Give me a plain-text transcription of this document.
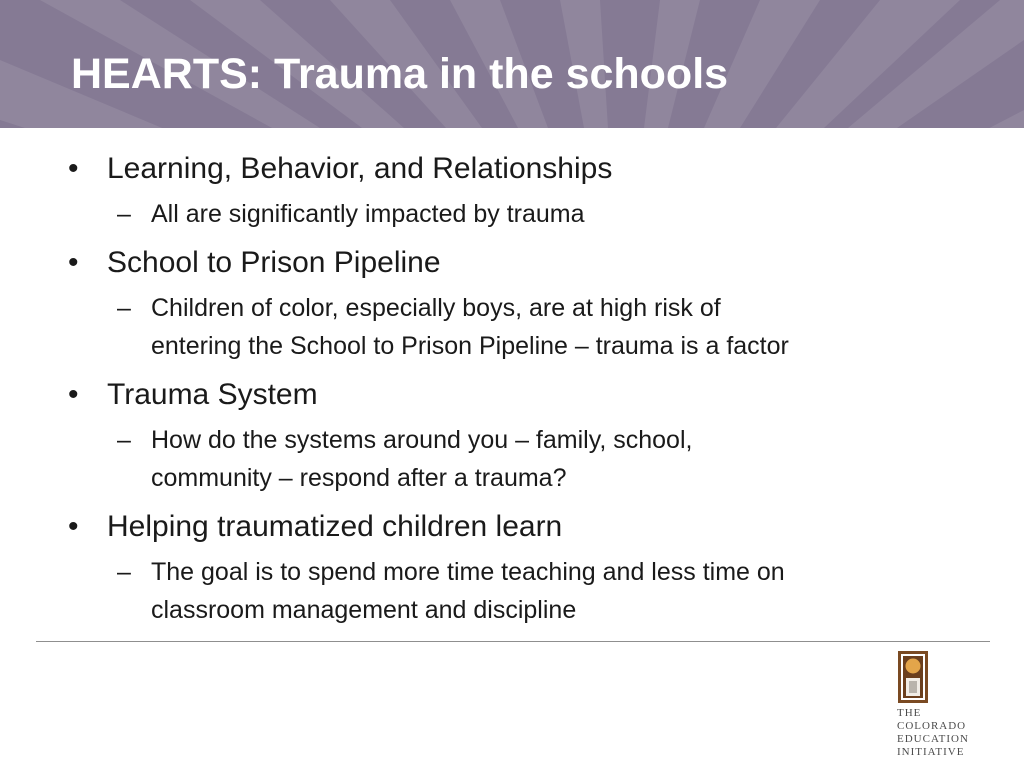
HEARTS: Trauma in the schools
• Learning, Behavior, and Relationships
– All are significantly impacted by trauma
• School to Prison Pipeline
– Children of color, especially boys, are at high risk of
entering the School to Prison Pipeline – trauma is a factor
• Trauma System
– How do the systems around you – family, school,
community – respond after a trauma?
• Helping traumatized children learn
– The goal is to spend more time teaching and less time on
classroom management and discipline
THE
COLORADO
EDUCATION
INITIATIVE
